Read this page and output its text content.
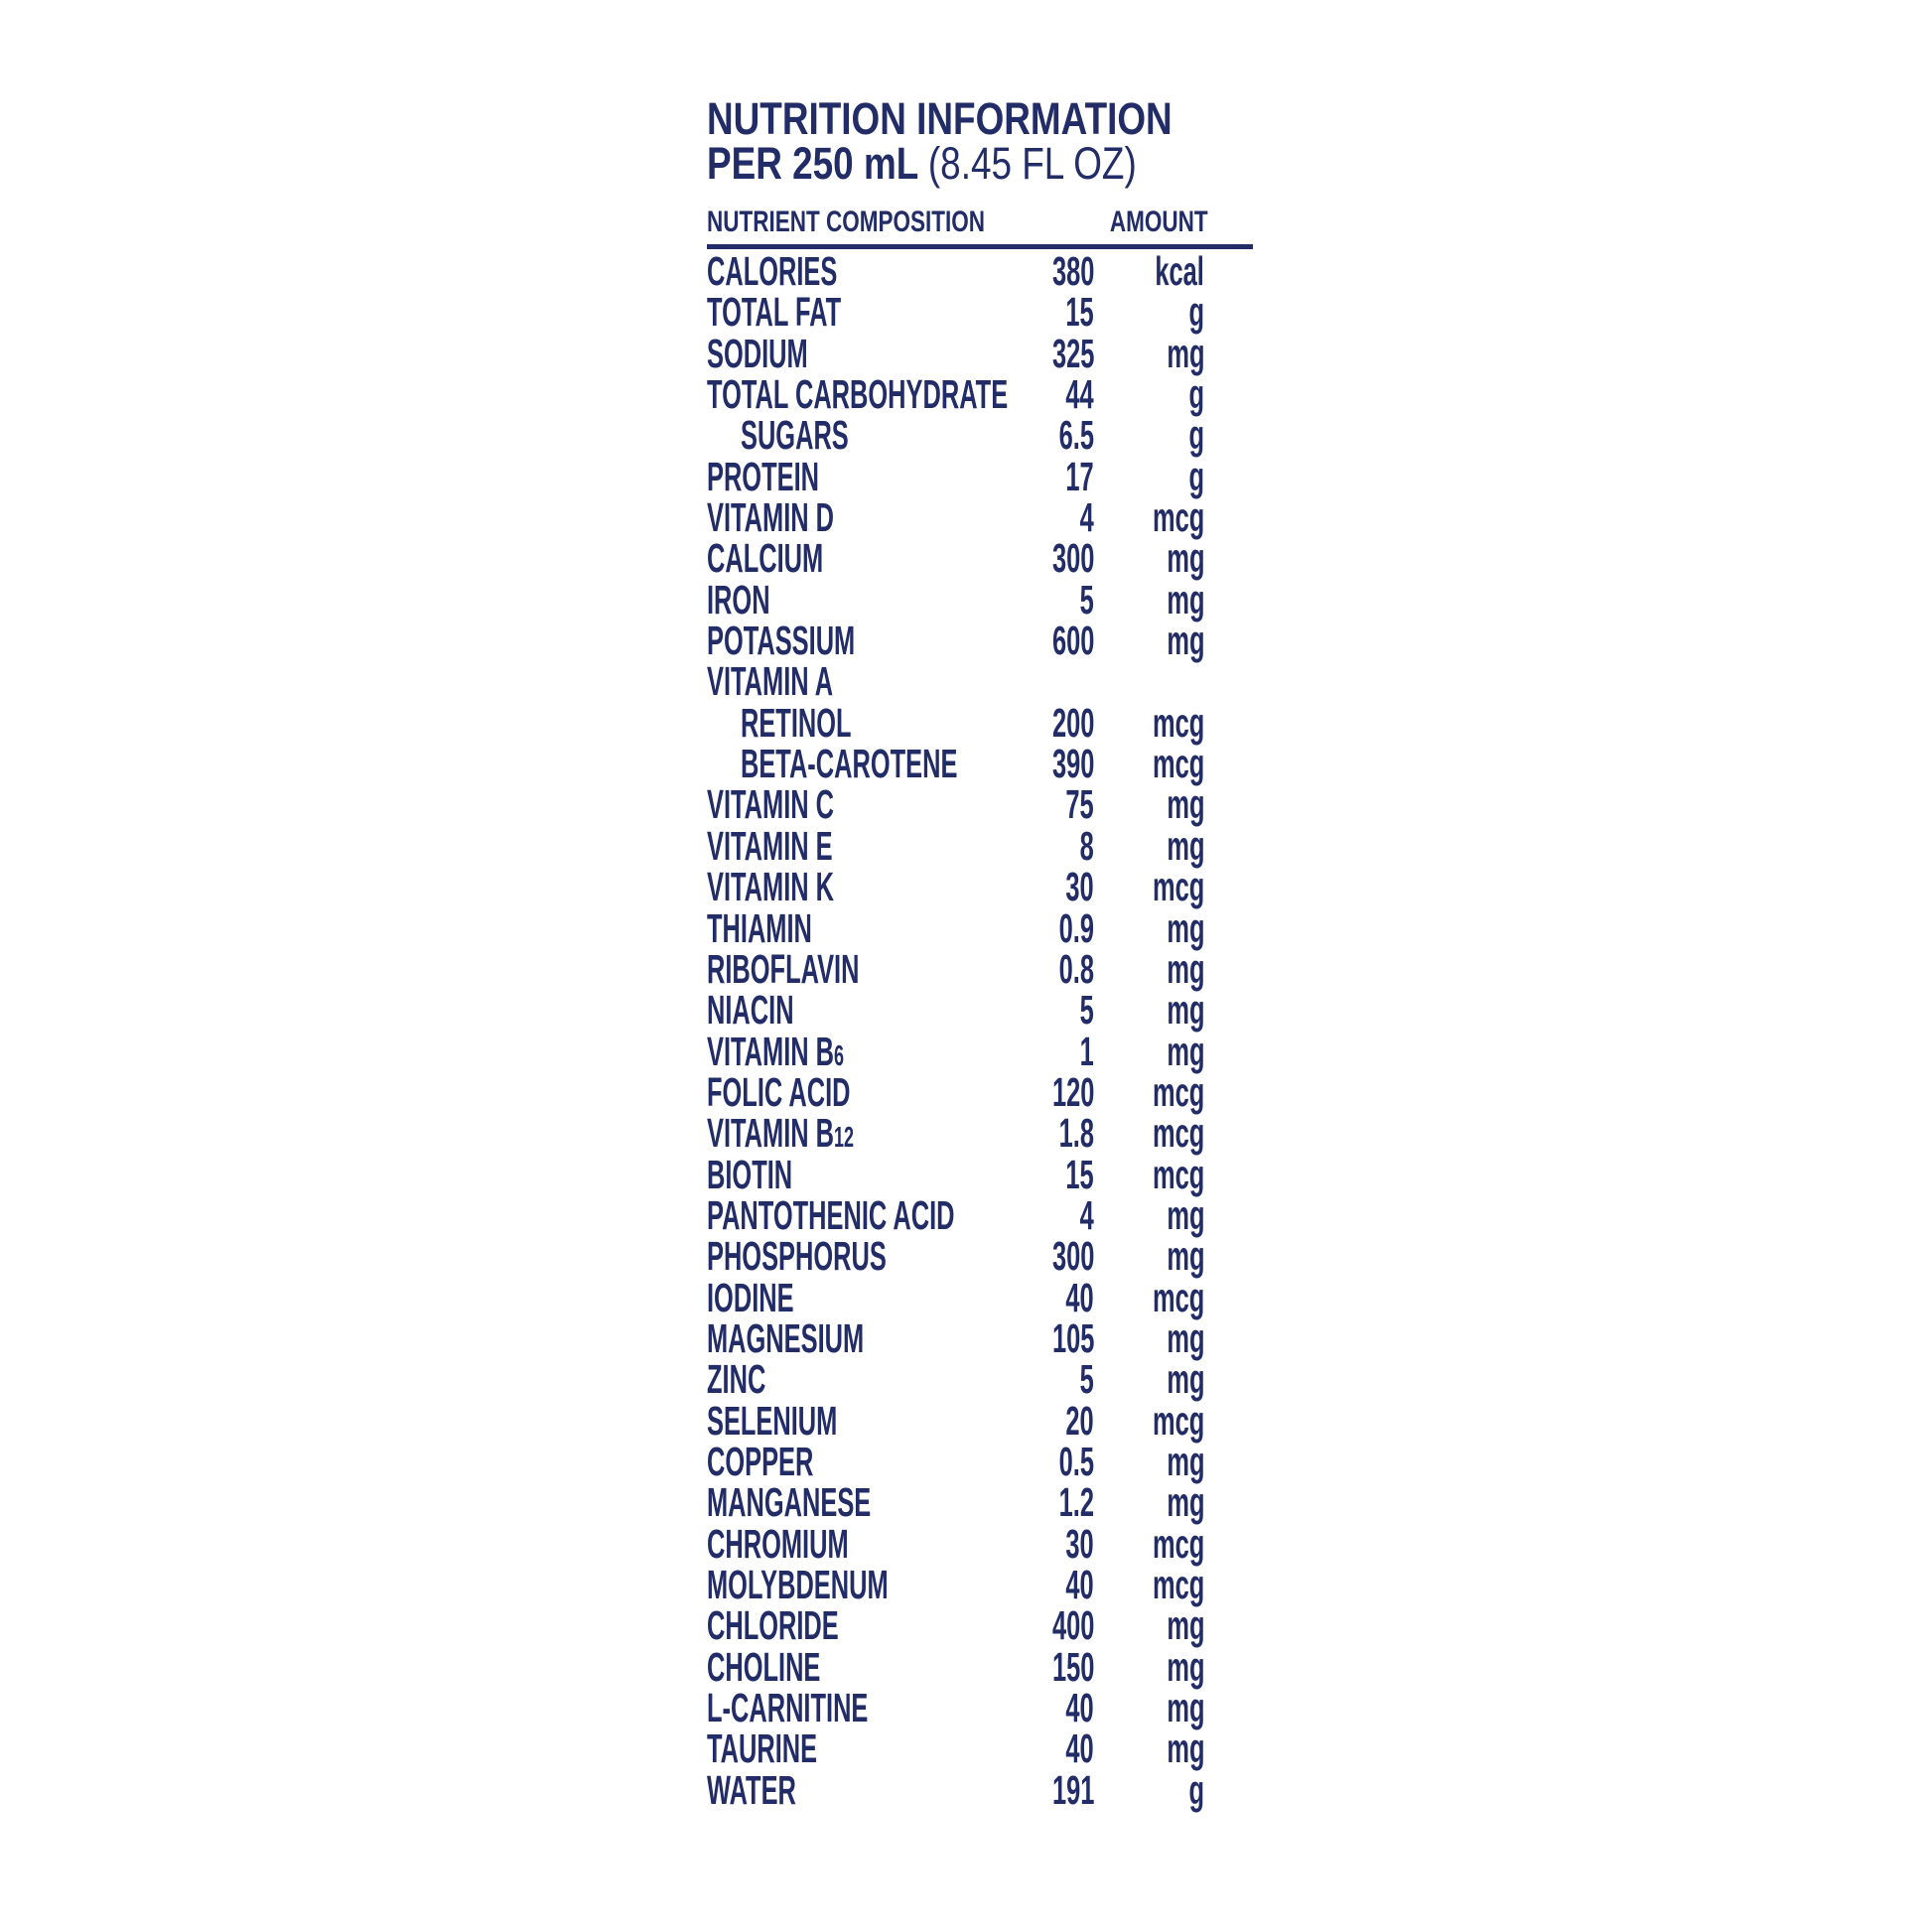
NUTRITION INFORMATION
PER 250 mL (8.45 FL OZ)
NUTRIENT COMPOSITION	AMOUNT
CALORIES	380	kcal
TOTAL FAT	15	g
SODIUM	325	mg
TOTAL CARBOHYDRATE	44	g
SUGARS	6.5	g
PROTEIN	17	g
VITAMIN D	4	mcg
CALCIUM	300	mg
IRON	5	mg
POTASSIUM	600	mg
VITAMIN A
RETINOL	200	mcg
BETA-CAROTENE	390	mcg
VITAMIN C	75	mg
VITAMIN E	8	mg
VITAMIN K	30	mcg
THIAMIN	0.9	mg
RIBOFLAVIN	0.8	mg
NIACIN	5	mg
VITAMIN B6	1	mg
FOLIC ACID	120	mcg
VITAMIN B12	1.8	mcg
BIOTIN	15	mcg
PANTOTHENIC ACID	4	mg
PHOSPHORUS	300	mg
IODINE	40	mcg
MAGNESIUM	105	mg
ZINC	5	mg
SELENIUM	20	mcg
COPPER	0.5	mg
MANGANESE	1.2	mg
CHROMIUM	30	mcg
MOLYBDENUM	40	mcg
CHLORIDE	400	mg
CHOLINE	150	mg
L-CARNITINE	40	mg
TAURINE	40	mg
WATER	191	g
